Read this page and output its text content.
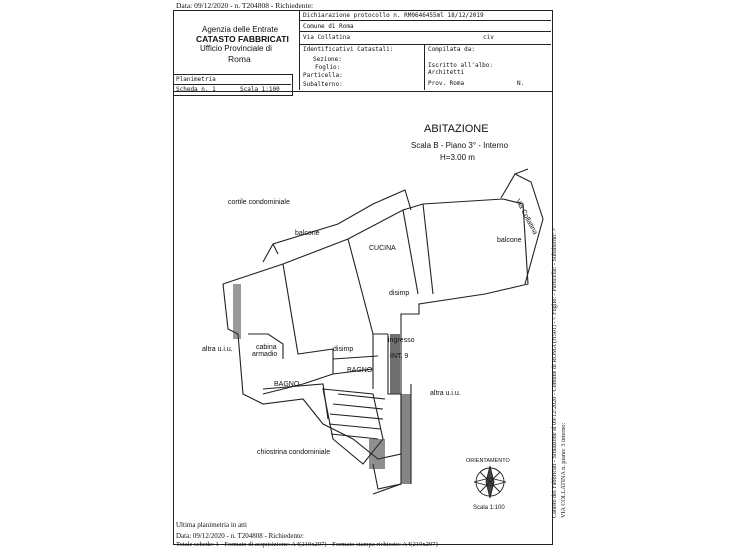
Data: 09/12/2020 - n. T204808 - Richiedente:
Agenzia delle Entrate
CATASTO FABBRICATI
Ufficio Provinciale di
Roma
Dichiarazione protocollo n. RM0646455ml 18/12/2019
Comune di Roma
Via Collatina	civ
Identificativi Catastali:
Sezione:
Foglio:
Particella:
Subalterno:
Compilata da:
Iscritto all'albo:
Architetti
Prov. Roma	N.
Planimetria
Scheda n. 1	Scala 1:100
ABITAZIONE
Scala B - Piano 3° - Interno
H=3.00 m
cortile condominiale
balcone
balcone
CUCINA
Via Collatina
disimp
disimp
ingresso
INT. 9
altra u.i.u.
altra u.i.u.
cabina
armadio
BAGNO
BAGNO
chiostrina condominiale
ORIENTAMENTO
Scala 1:100
Ultima planimetria in atti
Data: 09/12/2020 - n. T204808 - Richiedente:
Totale schede: 1 - Formato di acquisizione: A4(210x297) - Formato stampa richiesto: A4(210x297)
Catasto dei Fabbricati - Situazione al 09/12/2020 - Comune di ROMA (H501) - < Foglio: - Particella: - Subalterno: > VIA COLLATINA n. piano: 3 interno:
